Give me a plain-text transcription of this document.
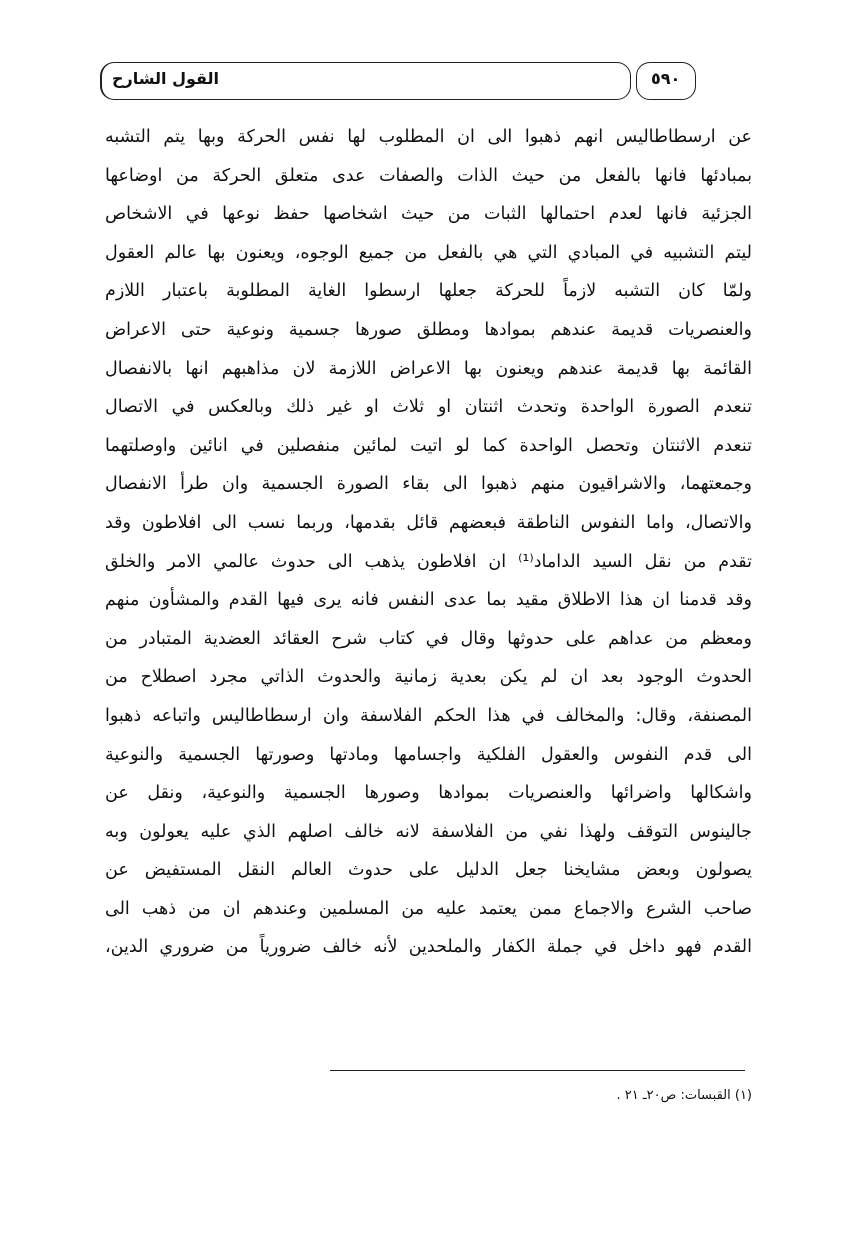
القول الشارح	٥٩٠
عن ارسطاطاليس انهم ذهبوا الى ان المطلوب لها نفس الحركة وبها يتم التشبه
بمبادئها فانها بالفعل من حيث الذات والصفات عدى متعلق الحركة من اوضاعها
الجزئية فانها لعدم احتمالها الثبات من حيث اشخاصها حفظ نوعها في الاشخاص
ليتم التشبيه في المبادي التي هي بالفعل من جميع الوجوه، ويعنون بها عالم العقول
ولمّا كان التشبه لازماً للحركة جعلها ارسطوا الغاية المطلوبة باعتبار اللازم
والعنصريات قديمة عندهم بموادها ومطلق صورها جسمية ونوعية حتى الاعراض
القائمة بها قديمة عندهم ويعنون بها الاعراض اللازمة لان مذاهبهم انها بالانفصال
تنعدم الصورة الواحدة وتحدث اثنتان او ثلاث او غير ذلك وبالعكس في الاتصال
تنعدم الاثنتان وتحصل الواحدة كما لو اتيت لمائين منفصلين في انائين واوصلتهما
وجمعتهما، والاشراقيون منهم ذهبوا الى بقاء الصورة الجسمية وان طرأ الانفصال
والاتصال، واما النفوس الناطقة فبعضهم قائل بقدمها، وربما نسب الى افلاطون وقد
تقدم من نقل السيد الداماد⁽¹⁾ ان افلاطون يذهب الى حدوث عالمي الامر والخلق
وقد قدمنا ان هذا الاطلاق مقيد بما عدى النفس فانه يرى فيها القدم والمشأون منهم
ومعظم من عداهم على حدوثها وقال في كتاب شرح العقائد العضدية المتبادر من
الحدوث الوجود بعد ان لم يكن بعدية زمانية والحدوث الذاتي مجرد اصطلاح من
المصنفة، وقال: والمخالف في هذا الحكم الفلاسفة وان ارسطاطاليس واتباعه ذهبوا
الى قدم النفوس والعقول الفلكية واجسامها ومادتها وصورتها الجسمية والنوعية
واشكالها واضرائها والعنصريات بموادها وصورها الجسمية والنوعية، ونقل عن
جالينوس التوقف ولهذا نفي من الفلاسفة لانه خالف اصلهم الذي عليه يعولون وبه
يصولون وبعض مشايخنا جعل الدليل على حدوث العالم النقل المستفيض عن
صاحب الشرع والاجماع ممن يعتمد عليه من المسلمين وعندهم ان من ذهب الى
القدم فهو داخل في جملة الكفار والملحدين لأنه خالف ضرورياً من ضروري الدين،
(١) القبسات: ص٢٠ـ ٢١ .
